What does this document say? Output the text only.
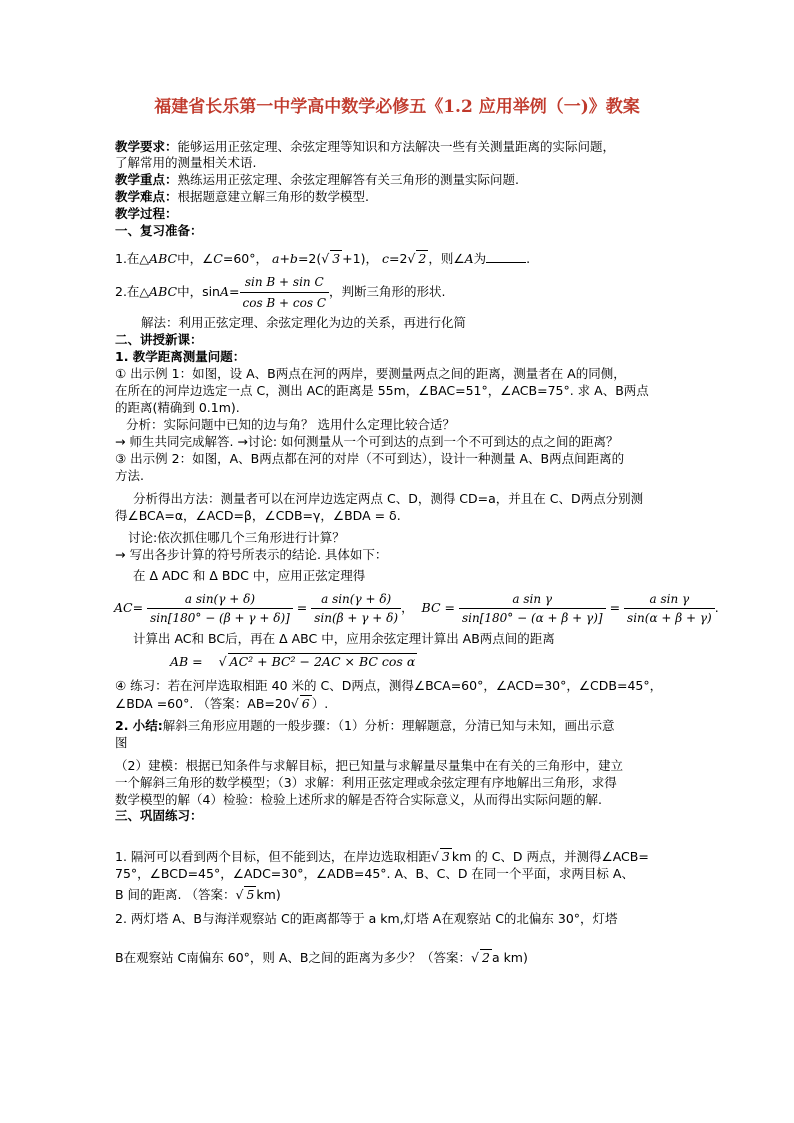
福建省长乐第一中学高中数学必修五《1.2 应用举例（一)》教案
教学要求：能够运用正弦定理、余弦定理等知识和方法解决一些有关测量距离的实际问题，
了解常用的测量相关术语.
教学重点：熟练运用正弦定理、余弦定理解答有关三角形的测量实际问题.
教学难点：根据题意建立解三角形的数学模型.
教学过程：
一、复习准备：
1.在△ABC中，∠C=60°， a+b=2(√ 3 +1)， c=2√ 2 ，则∠A为	.
2.在△ABC中，$\sin A= \frac{\text{sin B + sin C}}{\text{cos B + cos C}}$ ，判断三角形的形状.
解法：利用正弦定理、余弦定理化为边的关系，再进行化简
二、讲授新课：
1. 教学距离测量问题：
① 出示例 1：如图，设 A、B两点在河的两岸，要测量两点之间的距离，测量者在 A的同侧，
在所在的河岸边选定一点 C，测出 AC的距离是 55m，∠BAC=51°，∠ACB=75°. 求 A、B两点
的距离(精确到 0.1m).
分析：实际问题中已知的边与角？ 选用什么定理比较合适？
→ 师生共同完成解答. →讨论: 如何测量从一个可到达的点到一个不可到达的点之间的距离？
③ 出示例 2：如图，A、B两点都在河的对岸（不可到达），设计一种测量 A、B两点间距离的
方法.
分析得出方法：测量者可以在河岸边选定两点 C、D，测得 CD=a，并且在 C、D两点分别测
得∠BCA=α，∠ACD=β，∠CDB=γ，∠BDA = δ.
讨论:依次抓住哪几个三角形进行计算？
→ 写出各步计算的符号所表示的结论. 具体如下：
在 Δ ADC 和 Δ BDC 中，应用正弦定理得
$AC= \frac{\text{a sin(γ + δ)}}{\sin[180^\circ - (\beta + \gamma + \delta)]} = \frac{\text{a sin(γ + δ)}}{\sin(\beta + \gamma + \delta)}$ ， BC = $\frac{\text{a sin γ}}{\sin[180^\circ - (\alpha + \beta + \gamma)]} = \frac{\text{a sin γ}}{\sin(\alpha + \beta + \gamma)}$ .
计算出 AC和 BC后，再在 Δ ABC 中，应用余弦定理计算出 AB两点间的距离
AB = √ AC² + BC² − 2AC × BC cos α
④ 练习：若在河岸选取相距 40 米的 C、D两点，测得∠BCA=60°，∠ACD=30°，∠CDB=45°，
∠BDA =60°. （答案：AB=20√ 6 ）.
2. 小结:解斜三角形应用题的一般步骤：（1）分析：理解题意，分清已知与未知，画出示意
图
（2）建模：根据已知条件与求解目标，把已知量与求解量尽量集中在有关的三角形中，建立
一个解斜三角形的数学模型；（3）求解：利用正弦定理或余弦定理有序地解出三角形，求得
数学模型的解（4）检验：检验上述所求的解是否符合实际意义，从而得出实际问题的解.
三、巩固练习：
1. 隔河可以看到两个目标，但不能到达，在岸边选取相距√ 3 km 的 C、D 两点，并测得∠ACB=
75°，∠BCD=45°，∠ADC=30°，∠ADB=45°. A、B、C、D 在同一个平面，求两目标 A、
B 间的距离. （答案：√ 5 km)
2. 两灯塔 A、B与海洋观察站 C的距离都等于 a km,灯塔 A在观察站 C的北偏东 30°，灯塔
B在观察站 C南偏东 60°，则 A、B之间的距离为多少？（答案：√ 2 a km)
